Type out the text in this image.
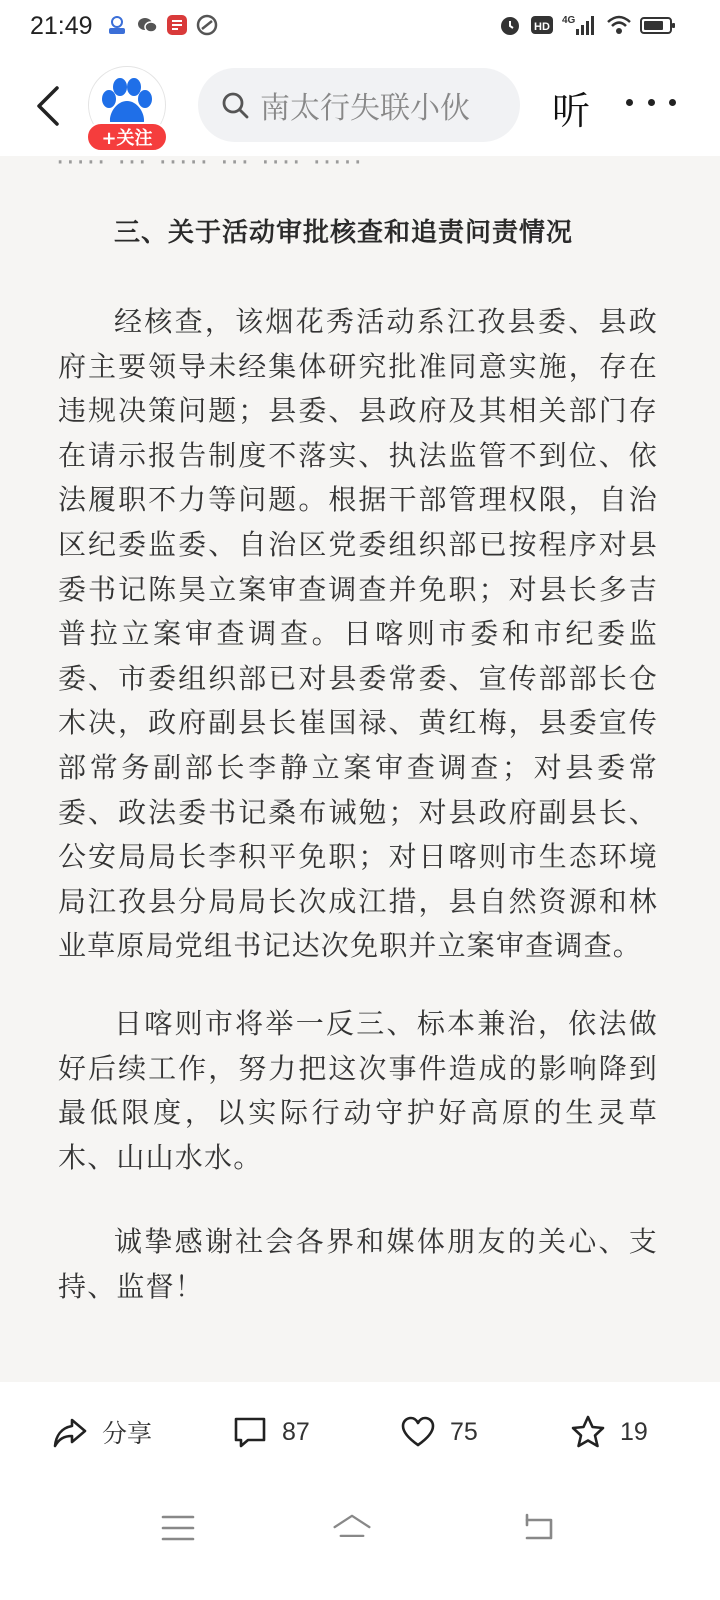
21:49	HD
4G
+关注
南太行失联小伙 听
····· ··· ····· ··· ···· ·····
三、关于活动审批核查和追责问责情况

经核查，该烟花秀活动系江孜县委、县政府主要领导未经集体研究批准同意实施，存在违规决策问题；县委、县政府及其相关部门存在请示报告制度不落实、执法监管不到位、依法履职不力等问题。根据干部管理权限，自治区纪委监委、自治区党委组织部已按程序对县委书记陈昊立案审查调查并免职；对县长多吉普拉立案审查调查。日喀则市委和市纪委监委、市委组织部已对县委常委、宣传部部长仓木决，政府副县长崔国禄、黄红梅，县委宣传部常务副部长李静立案审查调查；对县委常委、政法委书记桑布诫勉；对县政府副县长、公安局局长李积平免职；对日喀则市生态环境局江孜县分局局长次成江措，县自然资源和林业草原局党组书记达次免职并立案审查调查。

日喀则市将举一反三、标本兼治，依法做好后续工作，努力把这次事件造成的影响降到最低限度，以实际行动守护好高原的生灵草木、山山水水。

诚挚感谢社会各界和媒体朋友的关心、支持、监督！

分享	87	75	19
